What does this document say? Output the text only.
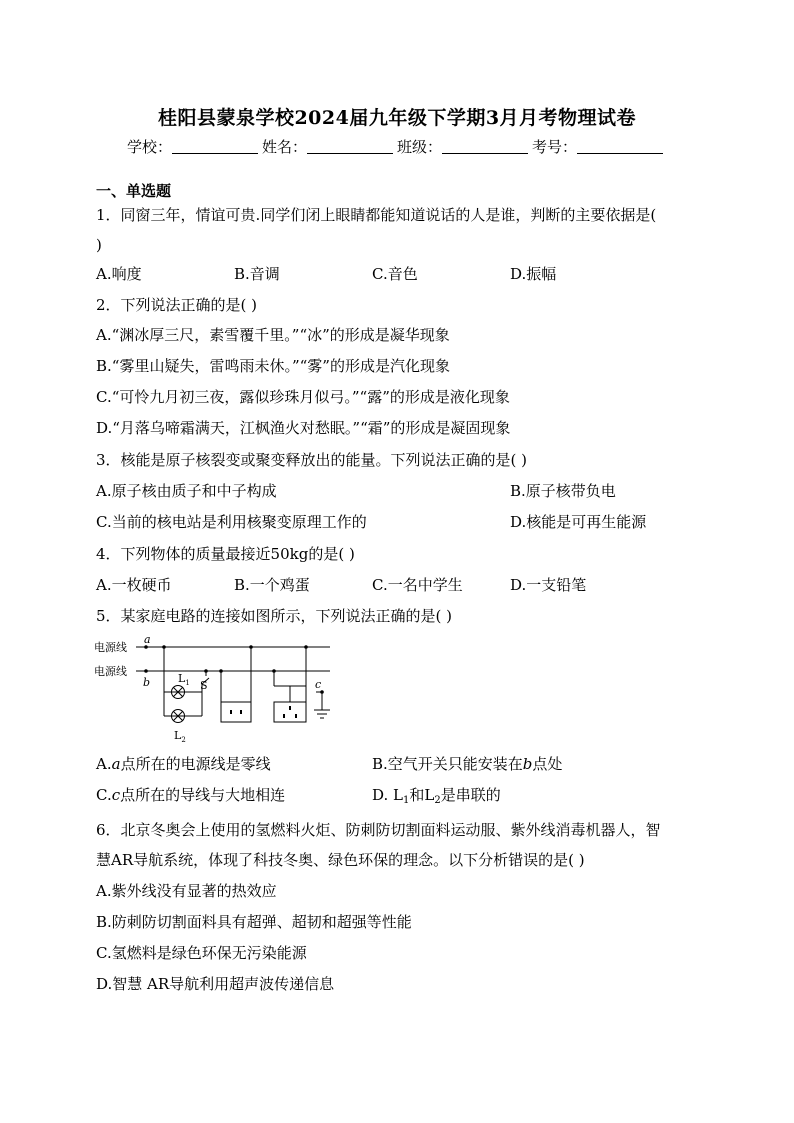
桂阳县蒙泉学校2024届九年级下学期3月月考物理试卷
学校：	姓名：	班级：	考号：
一、单选题
1．同窗三年，情谊可贵.同学们闭上眼睛都能知道说话的人是谁，判断的主要依据是(
)
A.响度	B.音调	C.音色	D.振幅
2．下列说法正确的是( )
A.“渊冰厚三尺，素雪覆千里。”“冰”的形成是凝华现象
B.“雾里山疑失，雷鸣雨未休。”“雾”的形成是汽化现象
C.“可怜九月初三夜，露似珍珠月似弓。”“露”的形成是液化现象
D.“月落乌啼霜满天，江枫渔火对愁眠。”“霜”的形成是凝固现象
3．核能是原子核裂变或聚变释放出的能量。下列说法正确的是( )
A.原子核由质子和中子构成	B.原子核带负电
C.当前的核电站是利用核聚变原理工作的	D.核能是可再生能源
4．下列物体的质量最接近50kg的是( )
A.一枚硬币	B.一个鸡蛋	C.一名中学生	D.一支铅笔
5．某家庭电路的连接如图所示，下列说法正确的是( )
电源线
电源线
a
b	c
S
$L_1$
$L_2$
A.a点所在的电源线是零线	B.空气开关只能安装在b点处
C.c点所在的导线与大地相连	D. $L_1$和$L_2$是串联的
6．北京冬奥会上使用的氢燃料火炬、防刺防切割面料运动服、紫外线消毒机器人，智
慧AR导航系统，体现了科技冬奥、绿色环保的理念。以下分析错误的是( )
A.紫外线没有显著的热效应
B.防刺防切割面料具有超弹、超韧和超强等性能
C.氢燃料是绿色环保无污染能源
D.智慧 AR导航利用超声波传递信息
